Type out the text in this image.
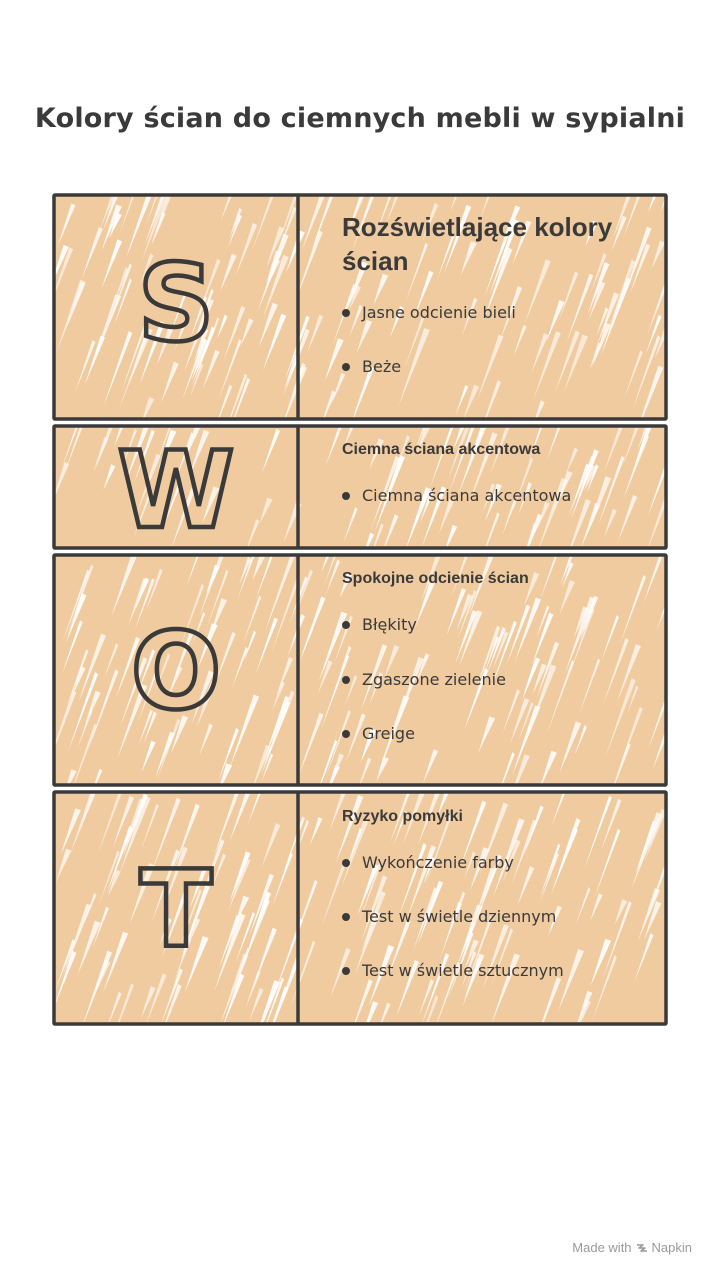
Kolory ścian do ciemnych mebli w sypialni
S
W
O
T
Rozświetlające kolory ścian
Jasne odcienie bieli
Beże
Ciemna ściana akcentowa
Ciemna ściana akcentowa
Spokojne odcienie ścian
Błękity
Zgaszone zielenie
Greige
Ryzyko pomyłki
Wykończenie farby
Test w świetle dziennym
Test w świetle sztucznym
Made with Napkin
